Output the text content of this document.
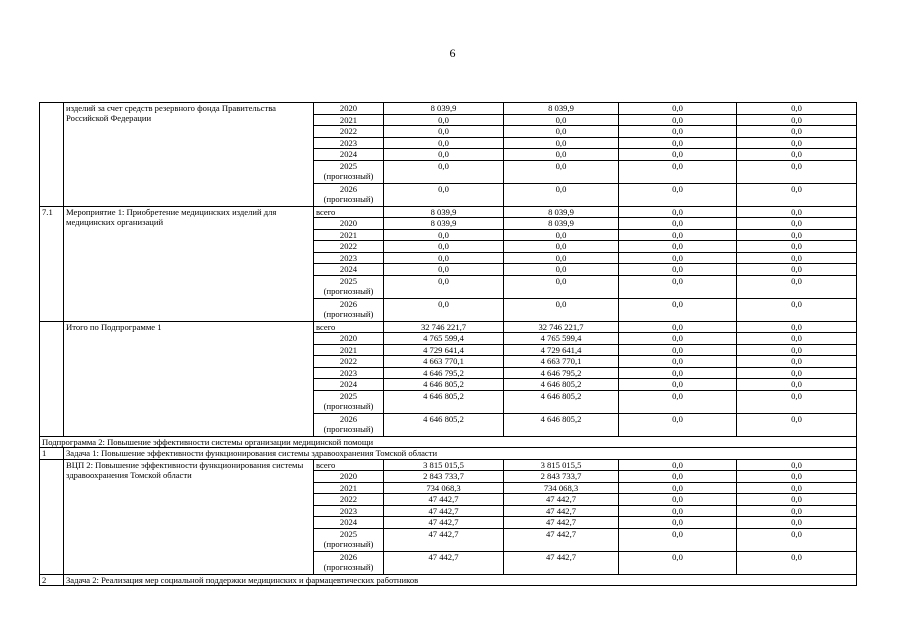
6
	изделий за счет средств резервного фонда Правительства Российской Федерации	2020	8 039,9	8 039,9	0,0	0,0
		2021	0,0	0,0	0,0	0,0
		2022	0,0	0,0	0,0	0,0
		2023	0,0	0,0	0,0	0,0
		2024	0,0	0,0	0,0	0,0
		2025 (прогнозный)	0,0	0,0	0,0	0,0
		2026 (прогнозный)	0,0	0,0	0,0	0,0
7.1	Мероприятие 1: Приобретение медицинских изделий для медицинских организаций	всего	8 039,9	8 039,9	0,0	0,0
		2020	8 039,9	8 039,9	0,0	0,0
		2021	0,0	0,0	0,0	0,0
		2022	0,0	0,0	0,0	0,0
		2023	0,0	0,0	0,0	0,0
		2024	0,0	0,0	0,0	0,0
		2025 (прогнозный)	0,0	0,0	0,0	0,0
		2026 (прогнозный)	0,0	0,0	0,0	0,0
	Итого по Подпрограмме 1	всего	32 746 221,7	32 746 221,7	0,0	0,0
		2020	4 765 599,4	4 765 599,4	0,0	0,0
		2021	4 729 641,4	4 729 641,4	0,0	0,0
		2022	4 663 770,1	4 663 770,1	0,0	0,0
		2023	4 646 795,2	4 646 795,2	0,0	0,0
		2024	4 646 805,2	4 646 805,2	0,0	0,0
		2025 (прогнозный)	4 646 805,2	4 646 805,2	0,0	0,0
		2026 (прогнозный)	4 646 805,2	4 646 805,2	0,0	0,0
Подпрограмма 2: Повышение эффективности системы организации медицинской помощи						
1	Задача 1: Повышение эффективности функционирования системы здравоохранения Томской области					
	ВЦП 2: Повышение эффективности функционирования системы здравоохранения Томской области	всего	3 815 015,5	3 815 015,5	0,0	0,0
		2020	2 843 733,7	2 843 733,7	0,0	0,0
		2021	734 068,3	734 068,3	0,0	0,0
		2022	47 442,7	47 442,7	0,0	0,0
		2023	47 442,7	47 442,7	0,0	0,0
		2024	47 442,7	47 442,7	0,0	0,0
		2025 (прогнозный)	47 442,7	47 442,7	0,0	0,0
		2026 (прогнозный)	47 442,7	47 442,7	0,0	0,0
2	Задача 2: Реализация мер социальной поддержки медицинских и фармацевтических работников					
